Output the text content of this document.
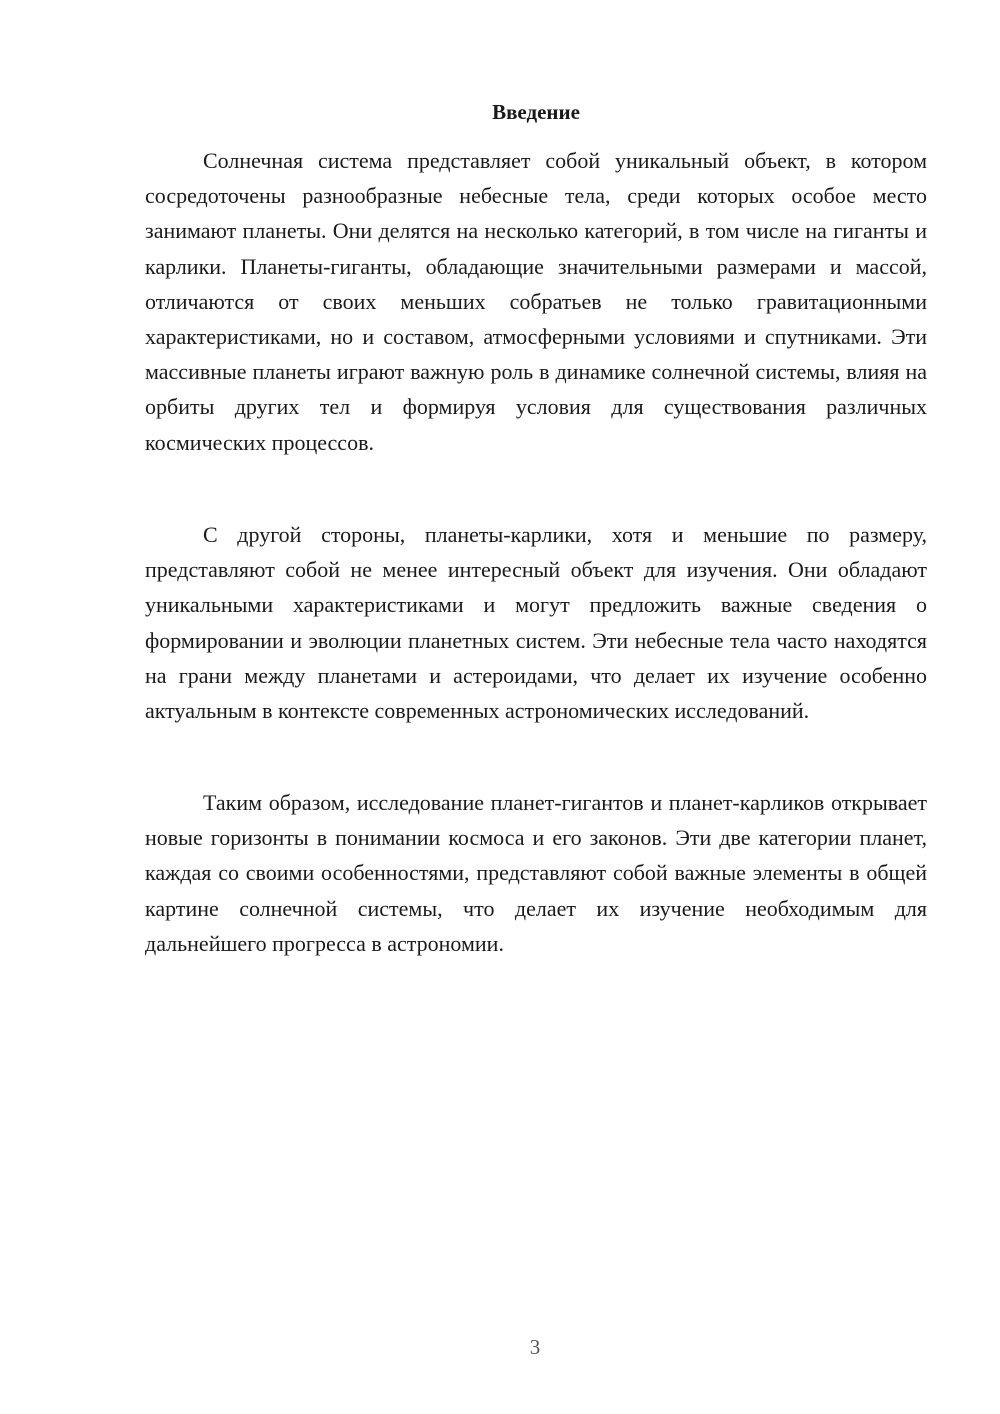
Введение

Солнечная система представляет собой уникальный объект, в котором сосредоточены разнообразные небесные тела, среди которых особое место занимают планеты. Они делятся на несколько категорий, в том числе на гиганты и карлики. Планеты-гиганты, обладающие значительными размерами и массой, отличаются от своих меньших собратьев не только гравитационными характеристиками, но и составом, атмосферными условиями и спутниками. Эти массивные планеты играют важную роль в динамике солнечной системы, влияя на орбиты других тел и формируя условия для существования различных космических процессов.

С другой стороны, планеты-карлики, хотя и меньшие по размеру, представляют собой не менее интересный объект для изучения. Они обладают уникальными характеристиками и могут предложить важные сведения о формировании и эволюции планетных систем. Эти небесные тела часто находятся на грани между планетами и астероидами, что делает их изучение особенно актуальным в контексте современных астрономических исследований.

Таким образом, исследование планет-гигантов и планет-карликов открывает новые горизонты в понимании космоса и его законов. Эти две категории планет, каждая со своими особенностями, представляют собой важные элементы в общей картине солнечной системы, что делает их изучение необходимым для дальнейшего прогресса в астрономии.

3
